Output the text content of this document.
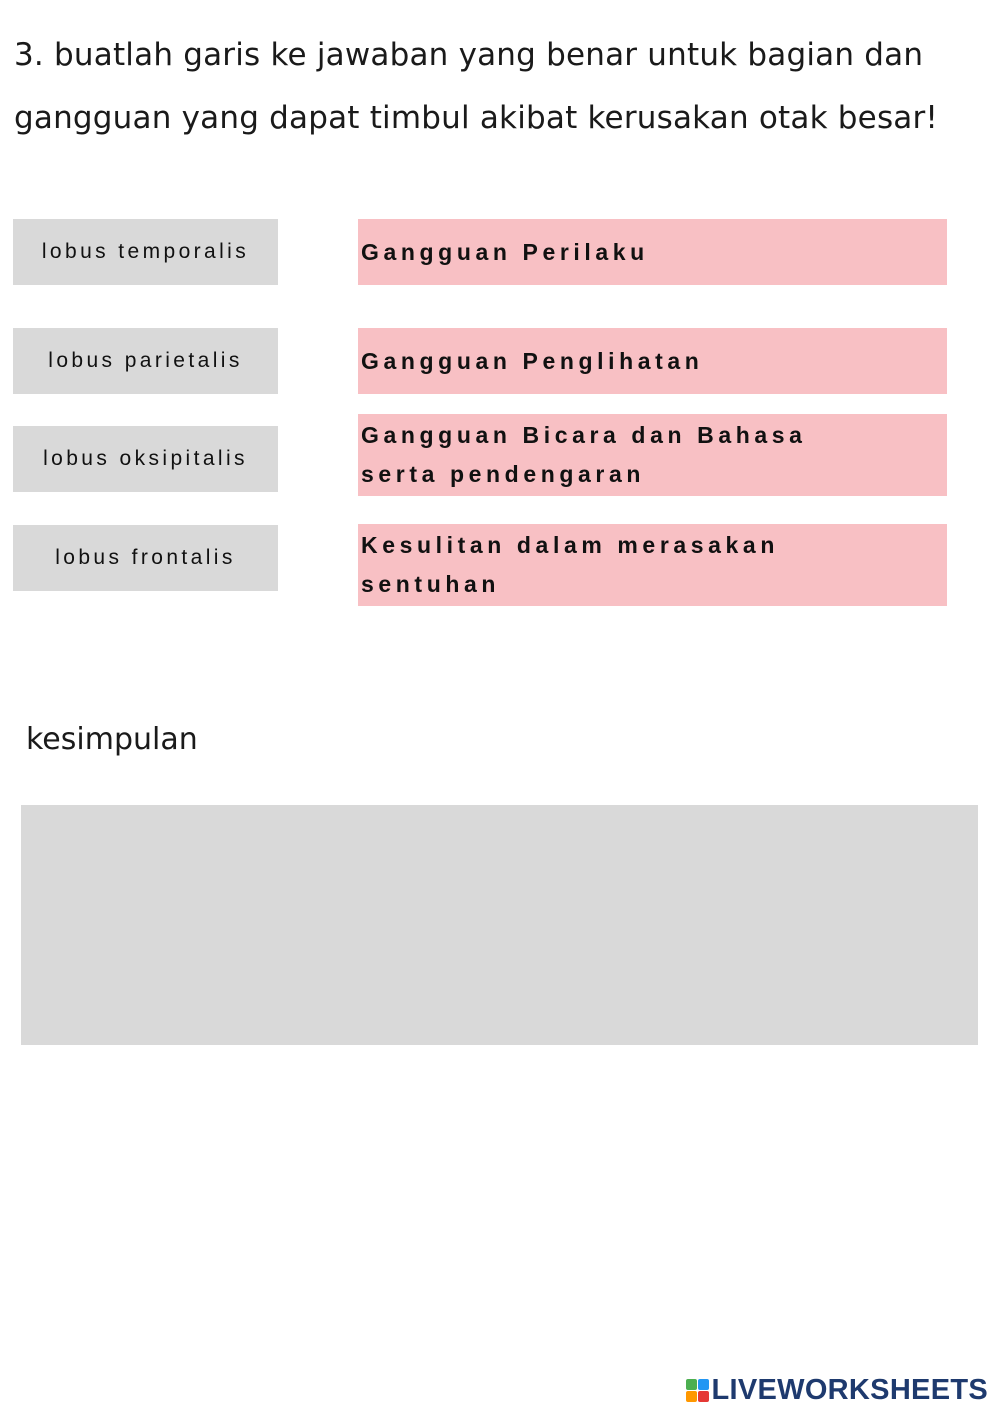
3. buatlah garis ke jawaban yang benar untuk bagian dan
gangguan yang dapat timbul akibat kerusakan otak besar!
lobus temporalis
lobus parietalis
lobus oksipitalis
lobus frontalis
Gangguan Perilaku
Gangguan Penglihatan
Gangguan Bicara dan Bahasa
serta pendengaran
Kesulitan dalam merasakan
sentuhan
kesimpulan
LIVEWORKSHEETS
